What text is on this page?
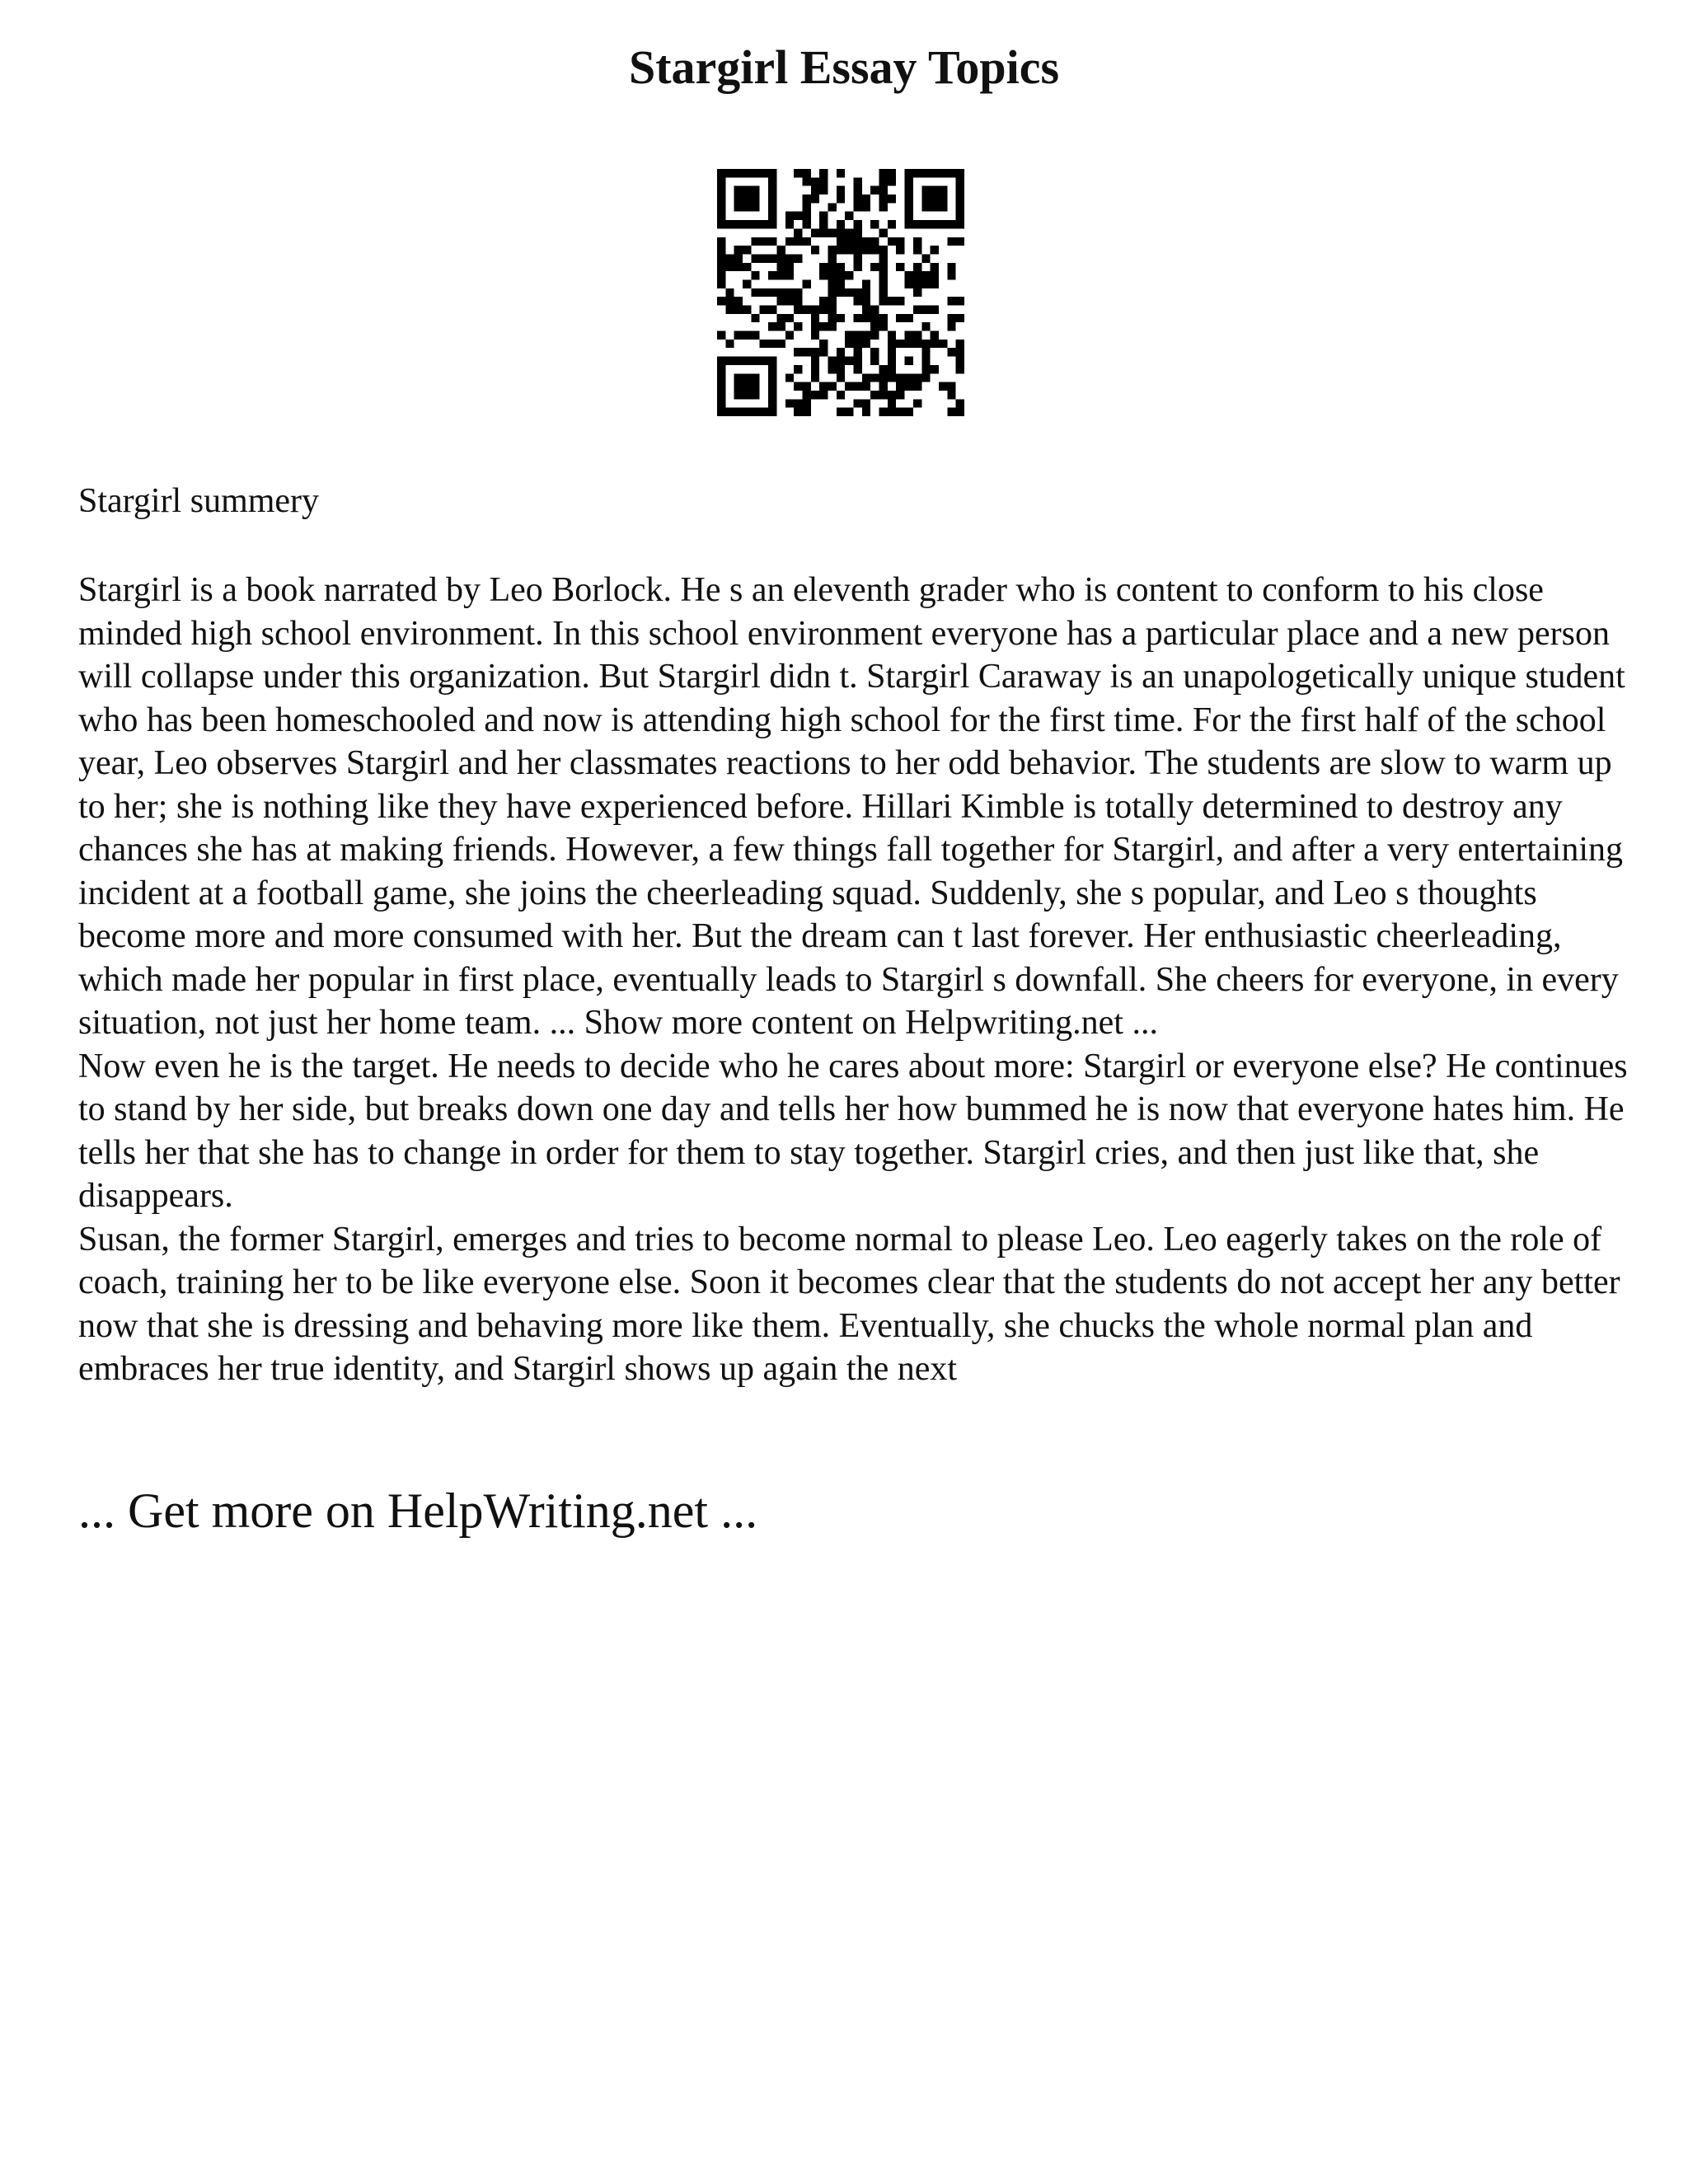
Stargirl Essay Topics

Stargirl summery

Stargirl is a book narrated by Leo Borlock. He s an eleventh grader who is content to conform to his close minded high school environment. In this school environment everyone has a particular place and a new person will collapse under this organization. But Stargirl didn t. Stargirl Caraway is an unapologetically unique student who has been homeschooled and now is attending high school for the first time. For the first half of the school year, Leo observes Stargirl and her classmates reactions to her odd behavior. The students are slow to warm up to her; she is nothing like they have experienced before. Hillari Kimble is totally determined to destroy any chances she has at making friends. However, a few things fall together for Stargirl, and after a very entertaining incident at a football game, she joins the cheerleading squad. Suddenly, she s popular, and Leo s thoughts become more and more consumed with her. But the dream can t last forever. Her enthusiastic cheerleading, which made her popular in first place, eventually leads to Stargirl s downfall. She cheers for everyone, in every situation, not just her home team. ... Show more content on Helpwriting.net ...

Now even he is the target. He needs to decide who he cares about more: Stargirl or everyone else? He continues to stand by her side, but breaks down one day and tells her how bummed he is now that everyone hates him. He tells her that she has to change in order for them to stay together. Stargirl cries, and then just like that, she disappears.

Susan, the former Stargirl, emerges and tries to become normal to please Leo. Leo eagerly takes on the role of coach, training her to be like everyone else. Soon it becomes clear that the students do not accept her any better now that she is dressing and behaving more like them. Eventually, she chucks the whole normal plan and embraces her true identity, and Stargirl shows up again the next

... Get more on HelpWriting.net ...
